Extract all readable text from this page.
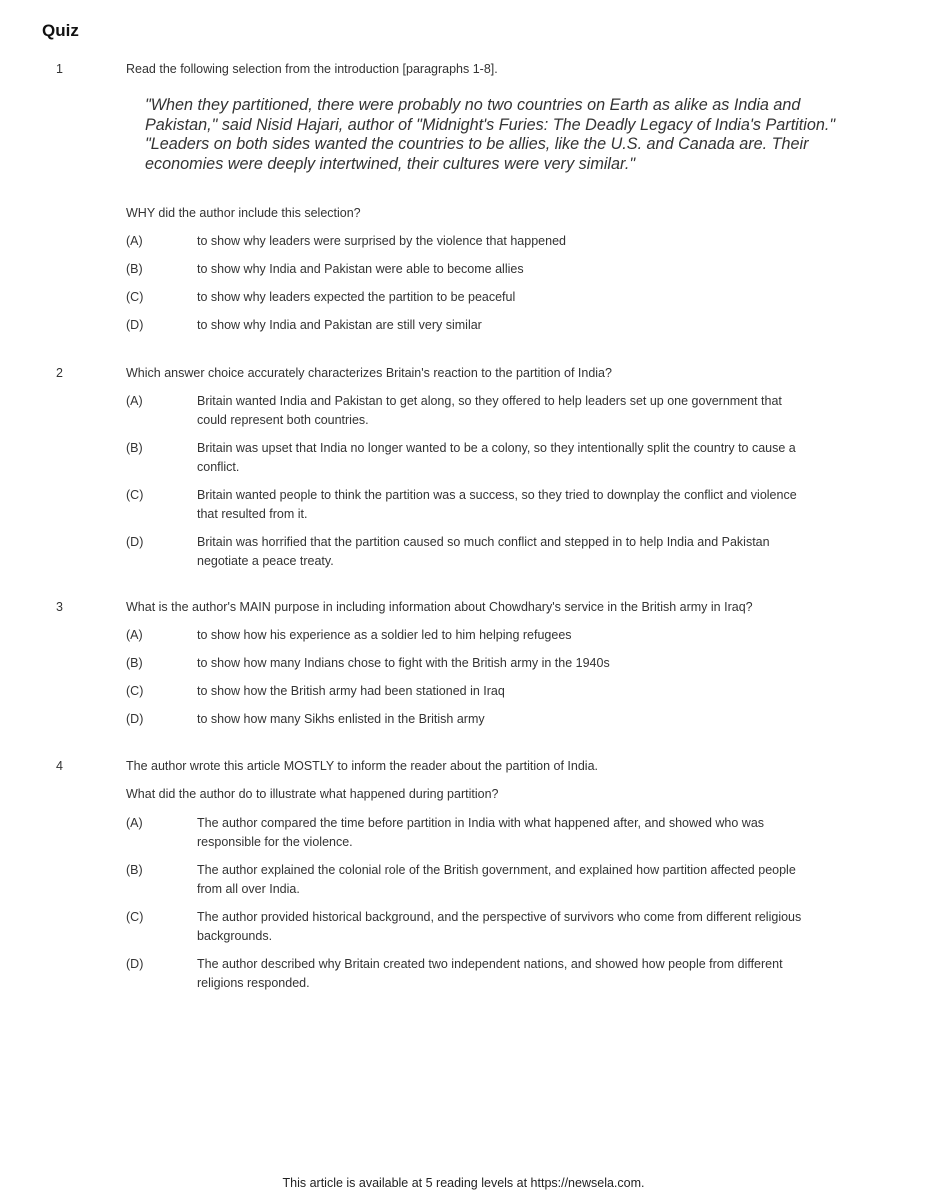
Quiz
1	Read the following selection from the introduction [paragraphs 1-8].
"When they partitioned, there were probably no two countries on Earth as alike as India and Pakistan," said Nisid Hajari, author of "Midnight's Furies: The Deadly Legacy of India's Partition." "Leaders on both sides wanted the countries to be allies, like the U.S. and Canada are. Their economies were deeply intertwined, their cultures were very similar."
WHY did the author include this selection?
(A)	to show why leaders were surprised by the violence that happened
(B)	to show why India and Pakistan were able to become allies
(C)	to show why leaders expected the partition to be peaceful
(D)	to show why India and Pakistan are still very similar
2	Which answer choice accurately characterizes Britain's reaction to the partition of India?
(A)	Britain wanted India and Pakistan to get along, so they offered to help leaders set up one government that could represent both countries.
(B)	Britain was upset that India no longer wanted to be a colony, so they intentionally split the country to cause a conflict.
(C)	Britain wanted people to think the partition was a success, so they tried to downplay the conflict and violence that resulted from it.
(D)	Britain was horrified that the partition caused so much conflict and stepped in to help India and Pakistan negotiate a peace treaty.
3	What is the author's MAIN purpose in including information about Chowdhary's service in the British army in Iraq?
(A)	to show how his experience as a soldier led to him helping refugees
(B)	to show how many Indians chose to fight with the British army in the 1940s
(C)	to show how the British army had been stationed in Iraq
(D)	to show how many Sikhs enlisted in the British army
4	The author wrote this article MOSTLY to inform the reader about the partition of India.
What did the author do to illustrate what happened during partition?
(A)	The author compared the time before partition in India with what happened after, and showed who was responsible for the violence.
(B)	The author explained the colonial role of the British government, and explained how partition affected people from all over India.
(C)	The author provided historical background, and the perspective of survivors who come from different religious backgrounds.
(D)	The author described why Britain created two independent nations, and showed how people from different religions responded.
This article is available at 5 reading levels at https://newsela.com.
